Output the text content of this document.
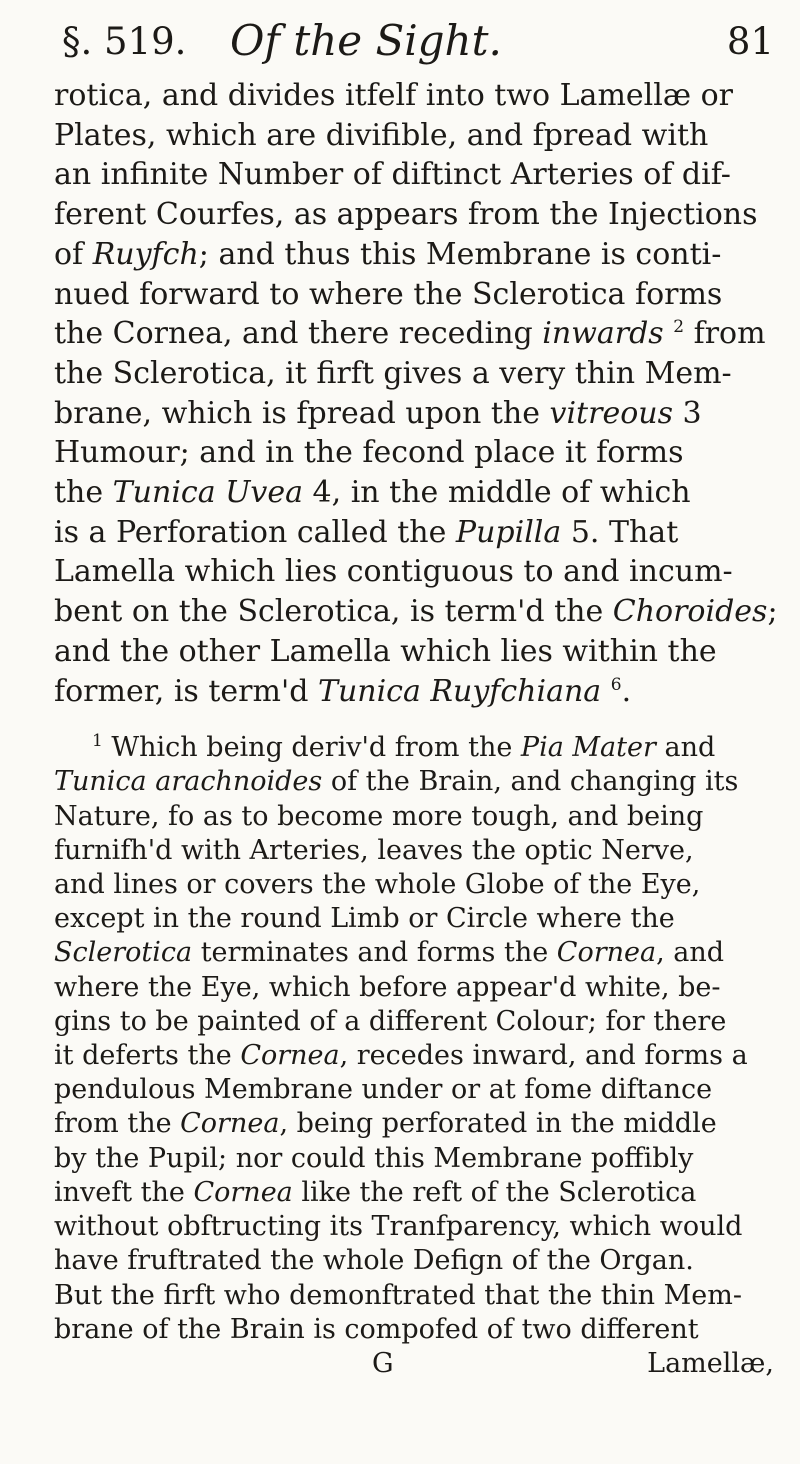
§. 519. Of the Sight.	81
rotica, and divides itfelf into two Lamellæ or
Plates, which are divifible, and fpread with
an infinite Number of diftinct Arteries of dif-
ferent Courfes, as appears from the Injections
of Ruyfch; and thus this Membrane is conti-
nued forward to where the Sclerotica forms
the Cornea, and there receding inwards $^2$ from
the Sclerotica, it firft gives a very thin Mem-
brane, which is fpread upon the vitreous 3
Humour; and in the fecond place it forms
the Tunica Uvea 4, in the middle of which
is a Perforation called the Pupilla 5. That
Lamella which lies contiguous to and incum-
bent on the Sclerotica, is term'd the Choroides;
and the other Lamella which lies within the
former, is term'd Tunica Ruyfchiana $^6$.
$^1$ Which being deriv'd from the Pia Mater and
Tunica arachnoides of the Brain, and changing its
Nature, fo as to become more tough, and being
furnifh'd with Arteries, leaves the optic Nerve,
and lines or covers the whole Globe of the Eye,
except in the round Limb or Circle where the
Sclerotica terminates and forms the Cornea, and
where the Eye, which before appear'd white, be-
gins to be painted of a different Colour; for there
it deferts the Cornea, recedes inward, and forms a
pendulous Membrane under or at fome diftance
from the Cornea, being perforated in the middle
by the Pupil; nor could this Membrane poffibly
inveft the Cornea like the reft of the Sclerotica
without obftructing its Tranfparency, which would
have fruftrated the whole Defign of the Organ.
But the firft who demonftrated that the thin Mem-
brane of the Brain is compofed of two different
G	Lamellæ,
